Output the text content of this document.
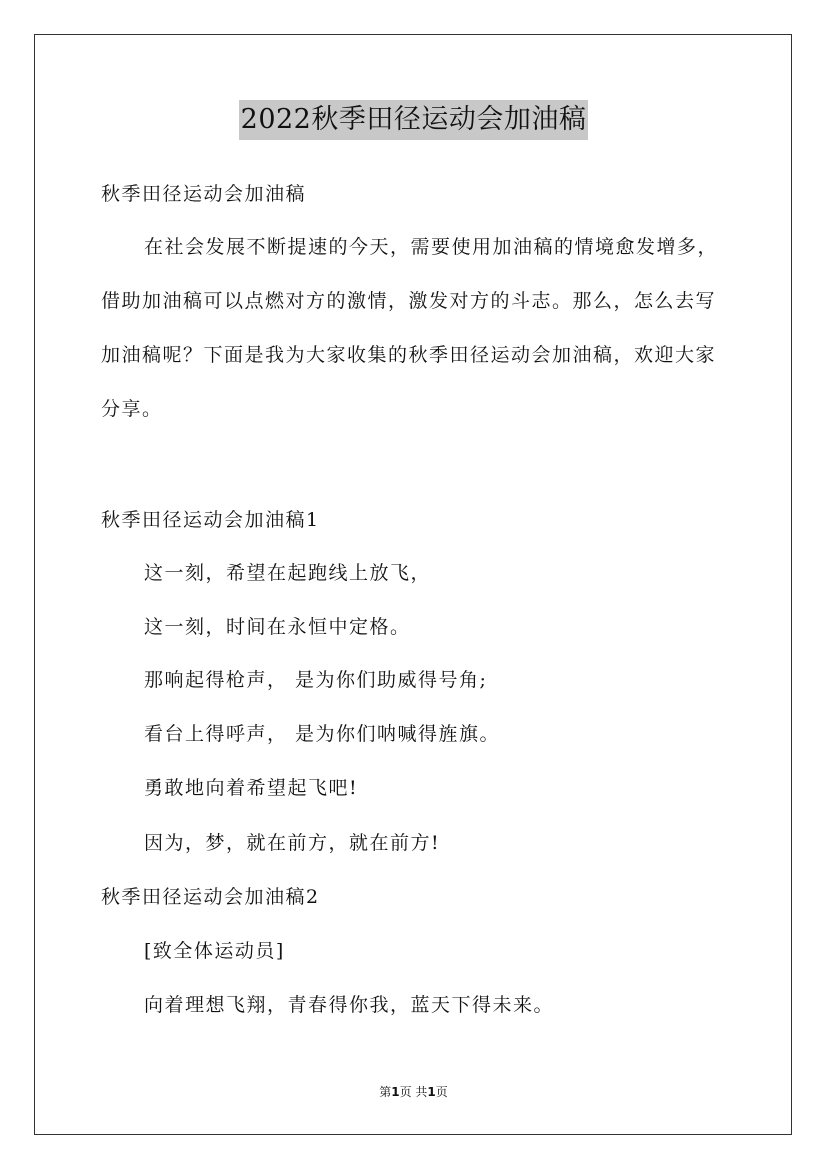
2022秋季田径运动会加油稿
秋季田径运动会加油稿
在社会发展不断提速的今天，需要使用加油稿的情境愈发增多，
借助加油稿可以点燃对方的激情，激发对方的斗志。那么，怎么去写
加油稿呢？下面是我为大家收集的秋季田径运动会加油稿，欢迎大家
分享。
秋季田径运动会加油稿1
这一刻，希望在起跑线上放飞，
这一刻，时间在永恒中定格。
那响起得枪声， 是为你们助威得号角;
看台上得呼声， 是为你们呐喊得旌旗。
勇敢地向着希望起飞吧!
因为，梦，就在前方，就在前方!
秋季田径运动会加油稿2
[致全体运动员]
向着理想飞翔，青春得你我，蓝天下得未来。
第1页 共1页
